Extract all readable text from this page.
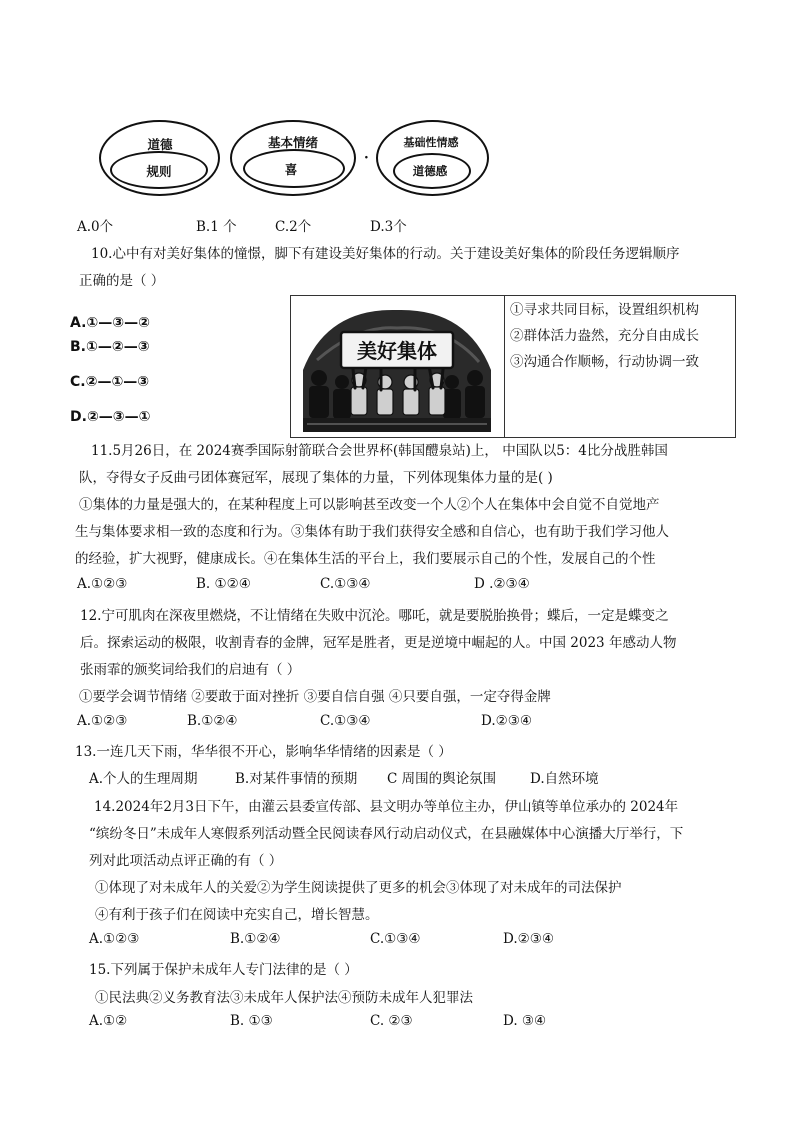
道德
规则
基本情绪
喜
·
基础性情感
道德感
A.0个	B.1 个	C.2个	D.3个
10.心中有对美好集体的憧憬，脚下有建设美好集体的行动。关于建设美好集体的阶段任务逻辑顺序
正确的是（ ）
A.①—③—②
B.①—②—③
C.②—①—③
D.②—③—①
美好集体
①寻求共同目标，设置组织机构
②群体活力盎然，充分自由成长
③沟通合作顺畅，行动协调一致
11.5月26日，在 2024赛季国际射箭联合会世界杯(韩国醴泉站)上， 中国队以5：4比分战胜韩国
队，夺得女子反曲弓团体赛冠军，展现了集体的力量，下列体现集体力量的是( )
①集体的力量是强大的，在某种程度上可以影响甚至改变一个人②个人在集体中会自觉不自觉地产
生与集体要求相一致的态度和行为。③集体有助于我们获得安全感和自信心，也有助于我们学习他人
的经验，扩大视野，健康成长。④在集体生活的平台上，我们要展示自己的个性，发展自己的个性
A.①②③	B. ①②④	C.①③④	D .②③④
12.宁可肌肉在深夜里燃烧，不让情绪在失败中沉沦。哪吒，就是要脱胎换骨；蝶后，一定是蝶变之
后。探索运动的极限，收割青春的金牌，冠军是胜者，更是逆境中崛起的人。中国 2023 年感动人物
张雨霏的颁奖词给我们的启迪有（ ）
①要学会调节情绪 ②要敢于面对挫折 ③要自信自强 ④只要自强，一定夺得金牌
A.①②③	B.①②④	C.①③④	D.②③④
13.一连几天下雨，华华很不开心，影响华华情绪的因素是（ ）
A.个人的生理周期	B.对某件事情的预期 C 周围的舆论氛围	D.自然环境
14.2024年2月3日下午，由灌云县委宣传部、县文明办等单位主办，伊山镇等单位承办的 2024年
“缤纷冬日”未成年人寒假系列活动暨全民阅读春风行动启动仪式，在县融媒体中心演播大厅举行，下
列对此项活动点评正确的有（ ）
①体现了对未成年人的关爱②为学生阅读提供了更多的机会③体现了对未成年的司法保护
④有利于孩子们在阅读中充实自己，增长智慧。
A.①②③	B.①②④	C.①③④	D.②③④
15.下列属于保护未成年人专门法律的是（ ）
①民法典②义务教育法③未成年人保护法④预防未成年人犯罪法
A.①②	B. ①③	C. ②③	D. ③④
